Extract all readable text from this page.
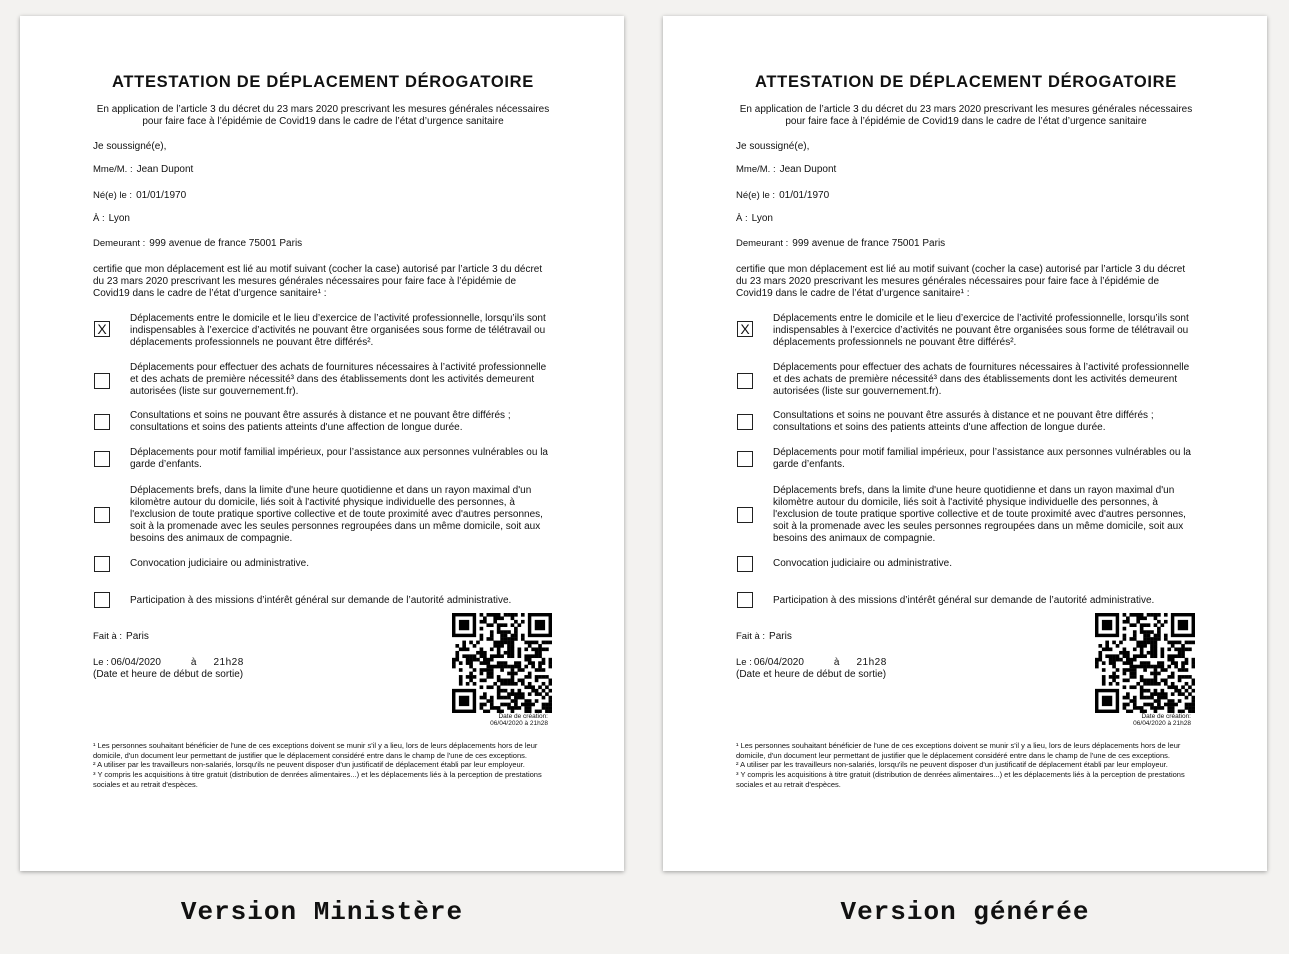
ATTESTATION DE DÉPLACEMENT DÉROGATOIRE
En application de l’article 3 du décret du 23 mars 2020 prescrivant les mesures générales nécessaires pour faire face à l’épidémie de Covid19 dans le cadre de l’état d’urgence sanitaire
Je soussigné(e),
Mme/M. : Jean Dupont
Né(e) le : 01/01/1970
À : Lyon
Demeurant : 999 avenue de france 75001 Paris
certifie que mon déplacement est lié au motif suivant (cocher la case) autorisé par l’article 3 du décret du 23 mars 2020 prescrivant les mesures générales nécessaires pour faire face à l’épidémie de Covid19 dans le cadre de l’état d’urgence sanitaire¹ :
X
Déplacements entre le domicile et le lieu d’exercice de l’activité professionnelle, lorsqu’ils sont indispensables à l’exercice d’activités ne pouvant être organisées sous forme de télétravail ou déplacements professionnels ne pouvant être différés².
Déplacements pour effectuer des achats de fournitures nécessaires à l’activité professionnelle et des achats de première nécessité³ dans des établissements dont les activités demeurent autorisées (liste sur gouvernement.fr).
Consultations et soins ne pouvant être assurés à distance et ne pouvant être différés ; consultations et soins des patients atteints d'une affection de longue durée.
Déplacements pour motif familial impérieux, pour l’assistance aux personnes vulnérables ou la garde d’enfants.
Déplacements brefs, dans la limite d'une heure quotidienne et dans un rayon maximal d'un kilomètre autour du domicile, liés soit à l'activité physique individuelle des personnes, à l'exclusion de toute pratique sportive collective et de toute proximité avec d'autres personnes, soit à la promenade avec les seules personnes regroupées dans un même domicile, soit aux besoins des animaux de compagnie.
Convocation judiciaire ou administrative.
Participation à des missions d’intérêt général sur demande de l’autorité administrative.
Fait à : Paris
Le : 06/04/2020	à 21h28
(Date et heure de début de sortie)
Date de création:
06/04/2020 à 21h28
¹ Les personnes souhaitant bénéficier de l'une de ces exceptions doivent se munir s'il y a lieu, lors de leurs déplacements hors de leur domicile, d'un document leur permettant de justifier que le déplacement considéré entre dans le champ de l'une de ces exceptions.
² A utiliser par les travailleurs non-salariés, lorsqu'ils ne peuvent disposer d'un justificatif de déplacement établi par leur employeur.
³ Y compris les acquisitions à titre gratuit (distribution de denrées alimentaires...) et les déplacements liés à la perception de prestations sociales et au retrait d'espèces.
ATTESTATION DE DÉPLACEMENT DÉROGATOIRE
En application de l’article 3 du décret du 23 mars 2020 prescrivant les mesures générales nécessaires pour faire face à l’épidémie de Covid19 dans le cadre de l’état d’urgence sanitaire
Je soussigné(e),
Mme/M. : Jean Dupont
Né(e) le : 01/01/1970
À : Lyon
Demeurant : 999 avenue de france 75001 Paris
certifie que mon déplacement est lié au motif suivant (cocher la case) autorisé par l’article 3 du décret du 23 mars 2020 prescrivant les mesures générales nécessaires pour faire face à l’épidémie de Covid19 dans le cadre de l’état d’urgence sanitaire¹ :
X
Déplacements entre le domicile et le lieu d’exercice de l’activité professionnelle, lorsqu’ils sont indispensables à l’exercice d’activités ne pouvant être organisées sous forme de télétravail ou déplacements professionnels ne pouvant être différés².
Déplacements pour effectuer des achats de fournitures nécessaires à l’activité professionnelle et des achats de première nécessité³ dans des établissements dont les activités demeurent autorisées (liste sur gouvernement.fr).
Consultations et soins ne pouvant être assurés à distance et ne pouvant être différés ; consultations et soins des patients atteints d'une affection de longue durée.
Déplacements pour motif familial impérieux, pour l’assistance aux personnes vulnérables ou la garde d’enfants.
Déplacements brefs, dans la limite d'une heure quotidienne et dans un rayon maximal d'un kilomètre autour du domicile, liés soit à l'activité physique individuelle des personnes, à l'exclusion de toute pratique sportive collective et de toute proximité avec d'autres personnes, soit à la promenade avec les seules personnes regroupées dans un même domicile, soit aux besoins des animaux de compagnie.
Convocation judiciaire ou administrative.
Participation à des missions d’intérêt général sur demande de l’autorité administrative.
Fait à : Paris
Le : 06/04/2020	à 21h28
(Date et heure de début de sortie)
Date de création:
06/04/2020 à 21h28
¹ Les personnes souhaitant bénéficier de l'une de ces exceptions doivent se munir s'il y a lieu, lors de leurs déplacements hors de leur domicile, d'un document leur permettant de justifier que le déplacement considéré entre dans le champ de l'une de ces exceptions.
² A utiliser par les travailleurs non-salariés, lorsqu'ils ne peuvent disposer d'un justificatif de déplacement établi par leur employeur.
³ Y compris les acquisitions à titre gratuit (distribution de denrées alimentaires...) et les déplacements liés à la perception de prestations sociales et au retrait d'espèces.
Version Ministère	Version générée
